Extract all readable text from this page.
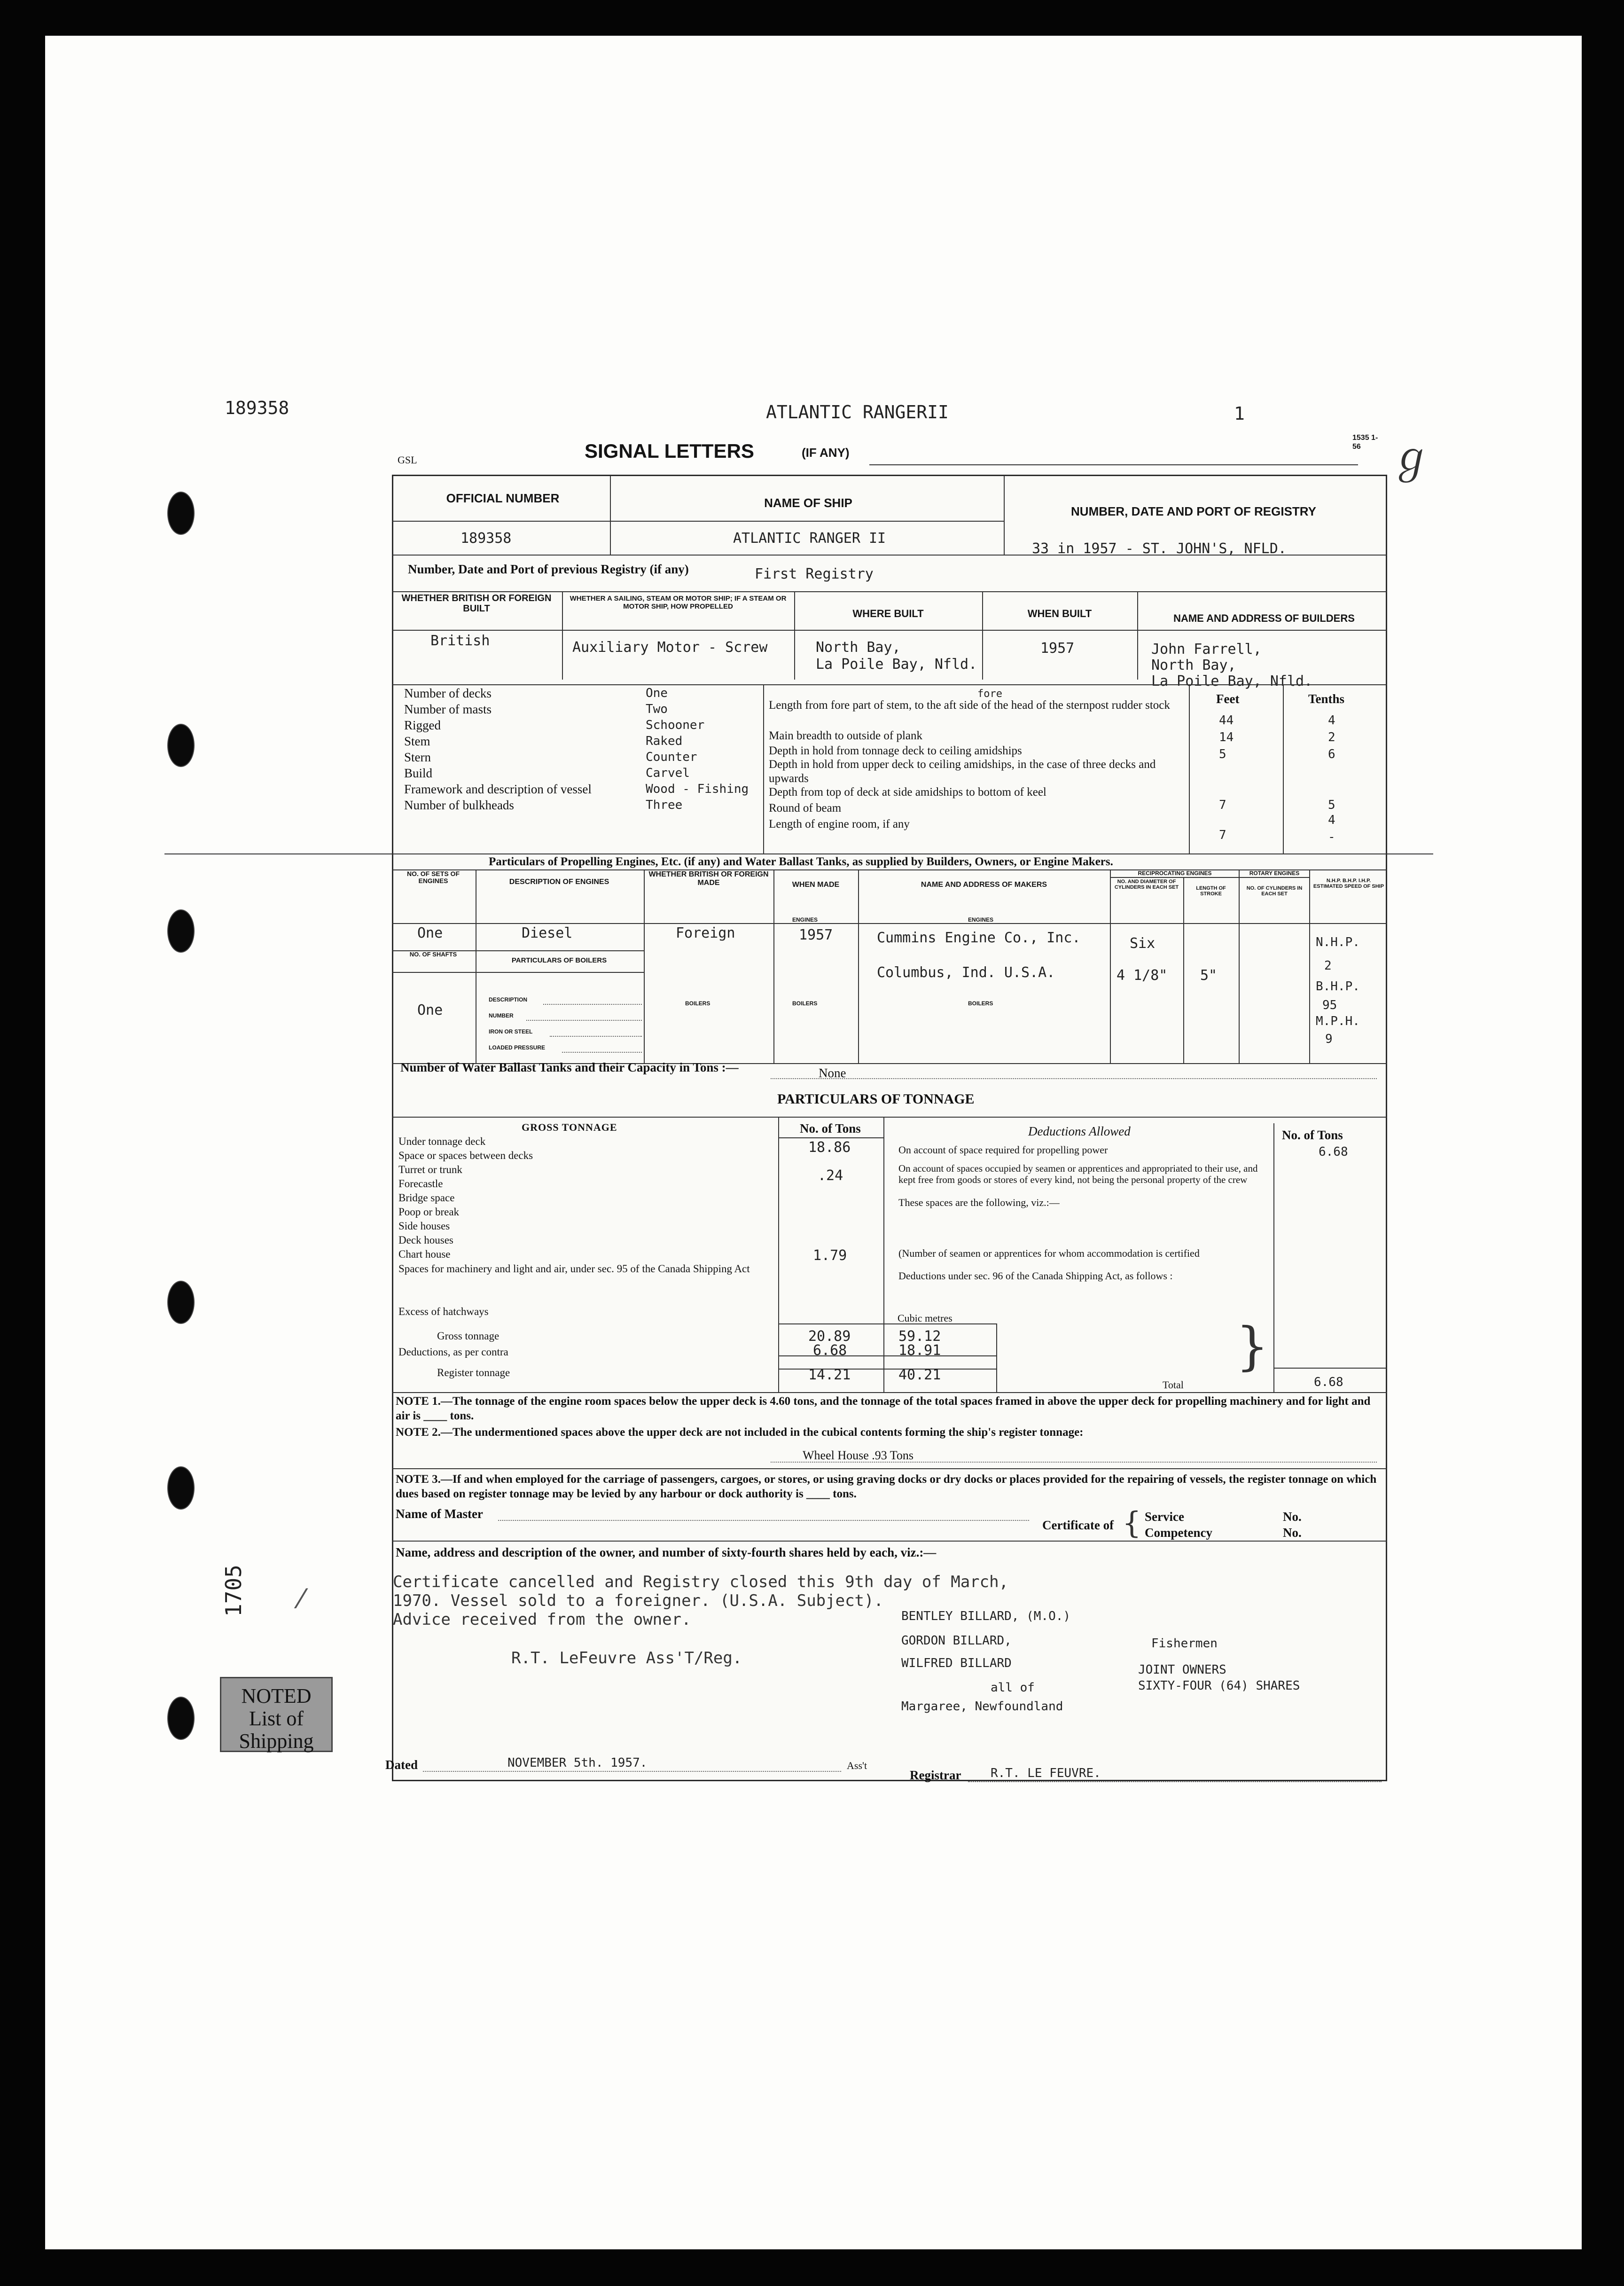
189358	ATLANTIC RANGERII	1
1535 1-56
GSL	SIGNAL LETTERS	(IF ANY)	ℊ
OFFICIAL NUMBER
189358
NAME OF SHIP
ATLANTIC RANGER II
NUMBER, DATE AND PORT OF REGISTRY
33 in 1957 - ST. JOHN'S, NFLD.
Number, Date and Port of previous Registry (if any)	First Registry
WHETHER BRITISH OR FOREIGN BUILT
British
WHETHER A SAILING, STEAM OR MOTOR SHIP; IF A STEAM OR MOTOR SHIP, HOW PROPELLED
Auxiliary Motor - Screw
WHERE BUILT
North Bay,
La Poile Bay, Nfld.
WHEN BUILT
1957
NAME AND ADDRESS OF BUILDERS
John Farrell,
North Bay,
La Poile Bay, Nfld.
Number of decks
Number of masts
Rigged
Stem
Stern
Build
Framework and description of vessel
Number of bulkheads
One
Two
Schooner
Raked
Counter
Carvel
Wood - Fishing
Three
Feet	Tenths
fore
Length from fore part of stem, to the aft side of the head of the sternpost rudder stock
Main breadth to outside of plank
Depth in hold from tonnage deck to ceiling amidships
Depth in hold from upper deck to ceiling amidships, in the case of three decks and upwards
Depth from top of deck at side amidships to bottom of keel
Round of beam
Length of engine room, if any
44
14
5
7
7
4
2
6
5
4
-
Particulars of Propelling Engines, Etc. (if any) and Water Ballast Tanks, as supplied by Builders, Owners, or Engine Makers.
NO. OF SETS OF ENGINES	DESCRIPTION OF ENGINES
WHETHER BRITISH OR FOREIGN MADE	WHEN MADE	NAME AND ADDRESS OF MAKERS
RECIPROCATING ENGINES	ROTARY ENGINES
NO. AND DIAMETER OF CYLINDERS IN EACH SET	LENGTH OF STROKE
NO. OF CYLINDERS IN EACH SET
N.H.P. B.H.P. I.H.P. ESTIMATED SPEED OF SHIP
One	Diesel	Foreign
ENGINES
1957
ENGINES
Cummins Engine Co., Inc.
Columbus, Ind. U.S.A.
Six
4 1/8" 5"
N.H.P.
2
B.H.P.
95
M.P.H.
9
NO. OF SHAFTS
PARTICULARS OF BOILERS
One
DESCRIPTION
NUMBER
IRON OR STEEL
LOADED PRESSURE
BOILERS	BOILERS	BOILERS
Number of Water Ballast Tanks and their Capacity in Tons :—	None
PARTICULARS OF TONNAGE
GROSS TONNAGE	No. of Tons
Under tonnage deck
Space or spaces between decks
Turret or trunk
Forecastle
Bridge space
Poop or break
Side houses
Deck houses
Chart house
Spaces for machinery and light and air, under sec. 95 of the Canada Shipping Act
Excess of hatchways
18.86
.24
1.79
Gross tonnage
Deductions, as per contra
Register tonnage
20.89	59.12
6.68	18.91
14.21	40.21
Deductions Allowed
On account of space required for propelling power
On account of spaces occupied by seamen or apprentices and appropriated to their use, and kept free from goods or stores of every kind, not being the personal property of the crew
These spaces are the following, viz.:—
(Number of seamen or apprentices for whom accommodation is certified
Deductions under sec. 96 of the Canada Shipping Act, as follows :
Cubic metres	}
Total
No. of Tons
6.68
6.68
NOTE 1.—The tonnage of the engine room spaces below the upper deck is 4.60 tons, and the tonnage of the total spaces framed in above the upper deck for propelling machinery and for light and air is ____ tons.
NOTE 2.—The undermentioned spaces above the upper deck are not included in the cubical contents forming the ship's register tonnage:
Wheel House .93 Tons
NOTE 3.—If and when employed for the carriage of passengers, cargoes, or stores, or using graving docks or dry docks or places provided for the repairing of vessels, the register tonnage on which dues based on register tonnage may be levied by any harbour or dock authority is ____ tons.
Name of Master
Certificate of { Service
Competency
No.
No.
Name, address and description of the owner, and number of sixty-fourth shares held by each, viz.:—
Certificate cancelled and Registry closed this 9th day of March,
1970. Vessel sold to a foreigner. (U.S.A. Subject).
Advice received from the owner.
R.T. LeFeuvre Ass'T/Reg.
BENTLEY BILLARD, (M.O.)
GORDON BILLARD,
WILFRED BILLARD
all of
Margaree, Newfoundland
Fishermen
JOINT OWNERS
SIXTY-FOUR (64) SHARES
Dated	NOVEMBER 5th. 1957.	Ass't
Registrar R.T. LE FEUVRE.
1705 ⁄
NOTED List of Shipping
